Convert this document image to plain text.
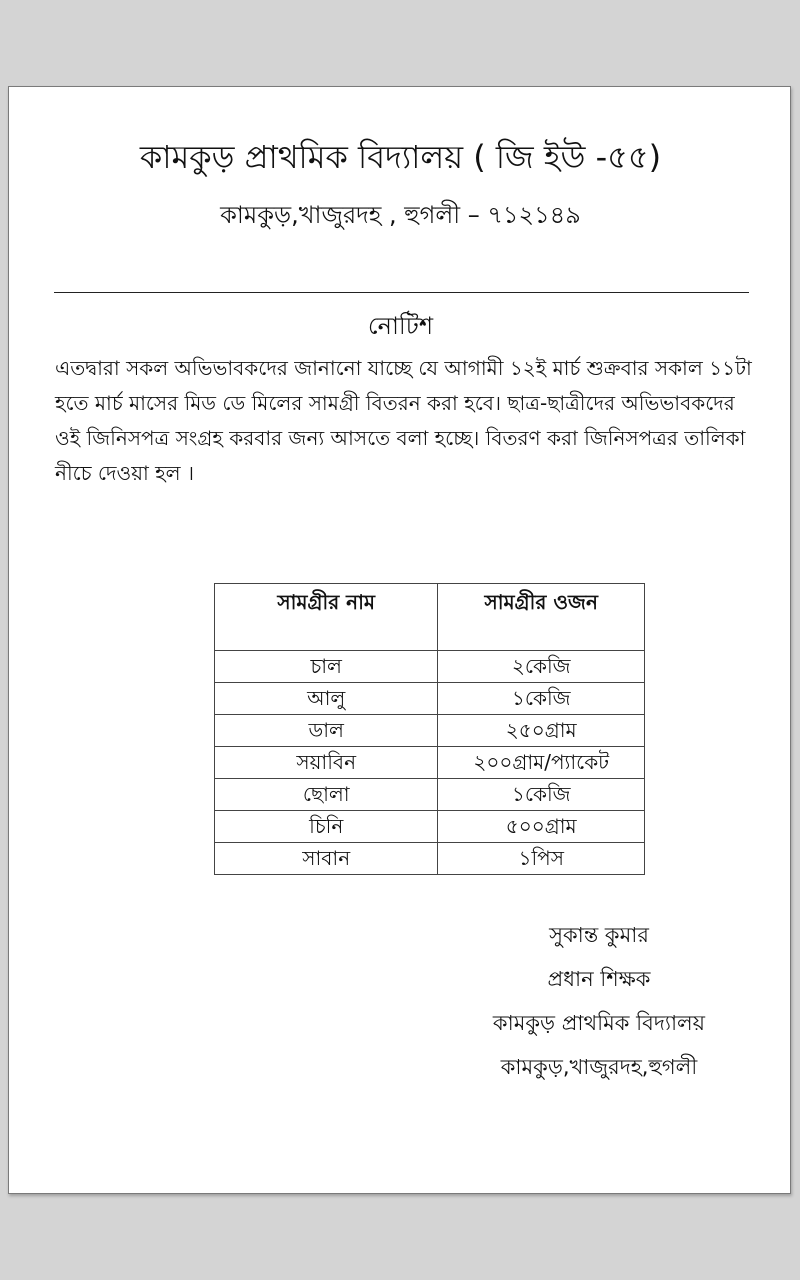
কামকুড় প্রাথমিক বিদ্যালয় ( জি ইউ -৫৫)
কামকুড়,খাজুরদহ , হুগলী – ৭১২১৪৯
নোটিশ
এতদ্বারা সকল অভিভাবকদের জানানো যাচ্ছে যে আগামী ১২ই মার্চ শুক্রবার সকাল ১১টা হতে মার্চ মাসের মিড ডে মিলের সামগ্রী বিতরন করা হবে। ছাত্র-ছাত্রীদের অভিভাবকদের ওই জিনিসপত্র সংগ্রহ করবার জন্য আসতে বলা হচ্ছে। বিতরণ করা জিনিসপত্রর তালিকা নীচে দেওয়া হল ।
সামগ্রীর নাম	সামগ্রীর ওজন
চাল	২কেজি
আলু	১কেজি
ডাল	২৫০গ্রাম
সয়াবিন	২০০গ্রাম/প্যাকেট
ছোলা	১কেজি
চিনি	৫০০গ্রাম
সাবান	১পিস
সুকান্ত কুমার
প্রধান শিক্ষক
কামকুড় প্রাথমিক বিদ্যালয়
কামকুড়,খাজুরদহ,হুগলী
